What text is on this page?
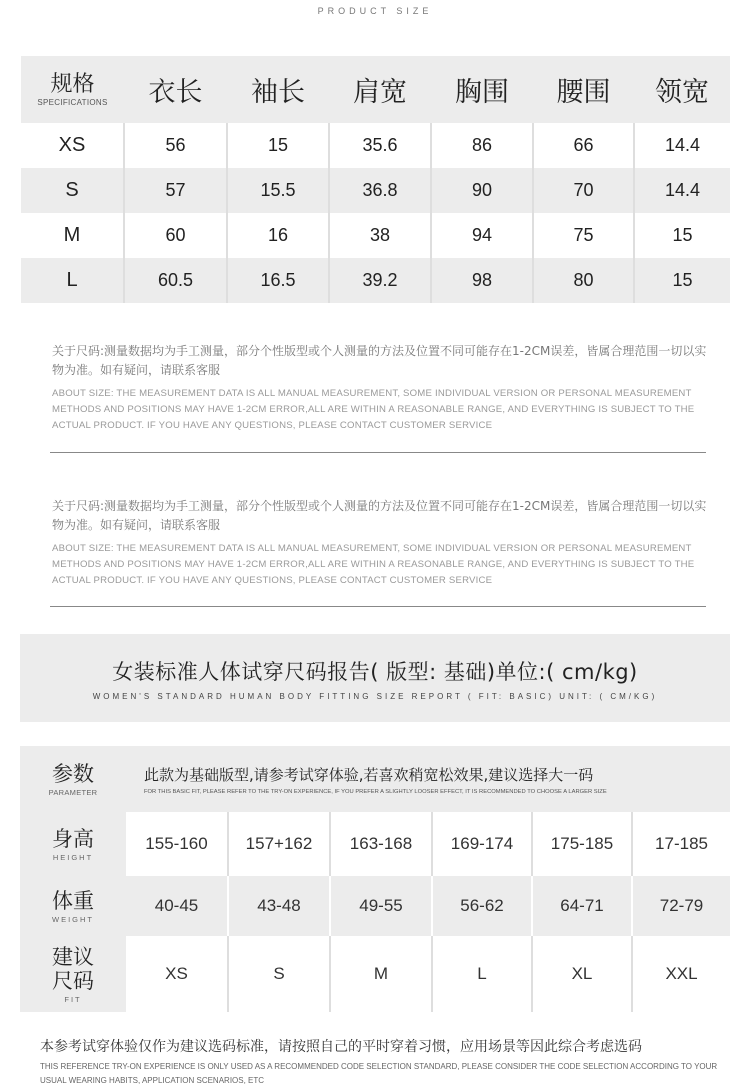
PRODUCT SIZE
规格
SPECIFICATIONS	衣长	袖长	肩宽	胸围	腰围	领宽
XS	56	15	35.6	86	66	14.4
S	57	15.5	36.8	90	70	14.4
M	60	16	38	94	75	15
L	60.5	16.5	39.2	98	80	15
关于尺码:测量数据均为手工测量，部分个性版型或个人测量的方法及位置不同可能存在1-2CM误差，皆属合理范围一切以实物为准。如有疑问，请联系客服
ABOUT SIZE: THE MEASUREMENT DATA IS ALL MANUAL MEASUREMENT, SOME INDIVIDUAL VERSION OR PERSONAL MEASUREMENT METHODS AND POSITIONS MAY HAVE 1-2CM ERROR,ALL ARE WITHIN A REASONABLE RANGE, AND EVERYTHING IS SUBJECT TO THE ACTUAL PRODUCT. IF YOU HAVE ANY QUESTIONS, PLEASE CONTACT CUSTOMER SERVICE
关于尺码:测量数据均为手工测量，部分个性版型或个人测量的方法及位置不同可能存在1-2CM误差，皆属合理范围一切以实物为准。如有疑问，请联系客服
ABOUT SIZE: THE MEASUREMENT DATA IS ALL MANUAL MEASUREMENT, SOME INDIVIDUAL VERSION OR PERSONAL MEASUREMENT METHODS AND POSITIONS MAY HAVE 1-2CM ERROR,ALL ARE WITHIN A REASONABLE RANGE, AND EVERYTHING IS SUBJECT TO THE ACTUAL PRODUCT. IF YOU HAVE ANY QUESTIONS, PLEASE CONTACT CUSTOMER SERVICE
女装标准人体试穿尺码报告( 版型: 基础)单位:( cm/kg)
WOMEN'S STANDARD HUMAN BODY FITTING SIZE REPORT ( FIT: BASIC) UNIT: ( CM/KG)
参数
PARAMETER	此款为基础版型,请参考试穿体验,若喜欢稍宽松效果,建议选择大一码
FOR THIS BASIC FIT, PLEASE REFER TO THE TRY-ON EXPERIENCE, IF YOU PREFER A SLIGHTLY LOOSER EFFECT, IT IS RECOMMENDED TO CHOOSE A LARGER SIZE					

身高
HEIGHT	155-160	157+162	163-168	169-174	175-185	17-185

体重
WEIGHT	40-45	43-48	49-55	56-62	64-71	72-79

建议
尺码
FIT	XS	S	M	L	XL	XXL
本参考试穿体验仅作为建议选码标准，请按照自己的平时穿着习惯，应用场景等因此综合考虑选码
THIS REFERENCE TRY-ON EXPERIENCE IS ONLY USED AS A RECOMMENDED CODE SELECTION STANDARD, PLEASE CONSIDER THE CODE SELECTION ACCORDING TO YOUR USUAL WEARING HABITS, APPLICATION SCENARIOS, ETC
